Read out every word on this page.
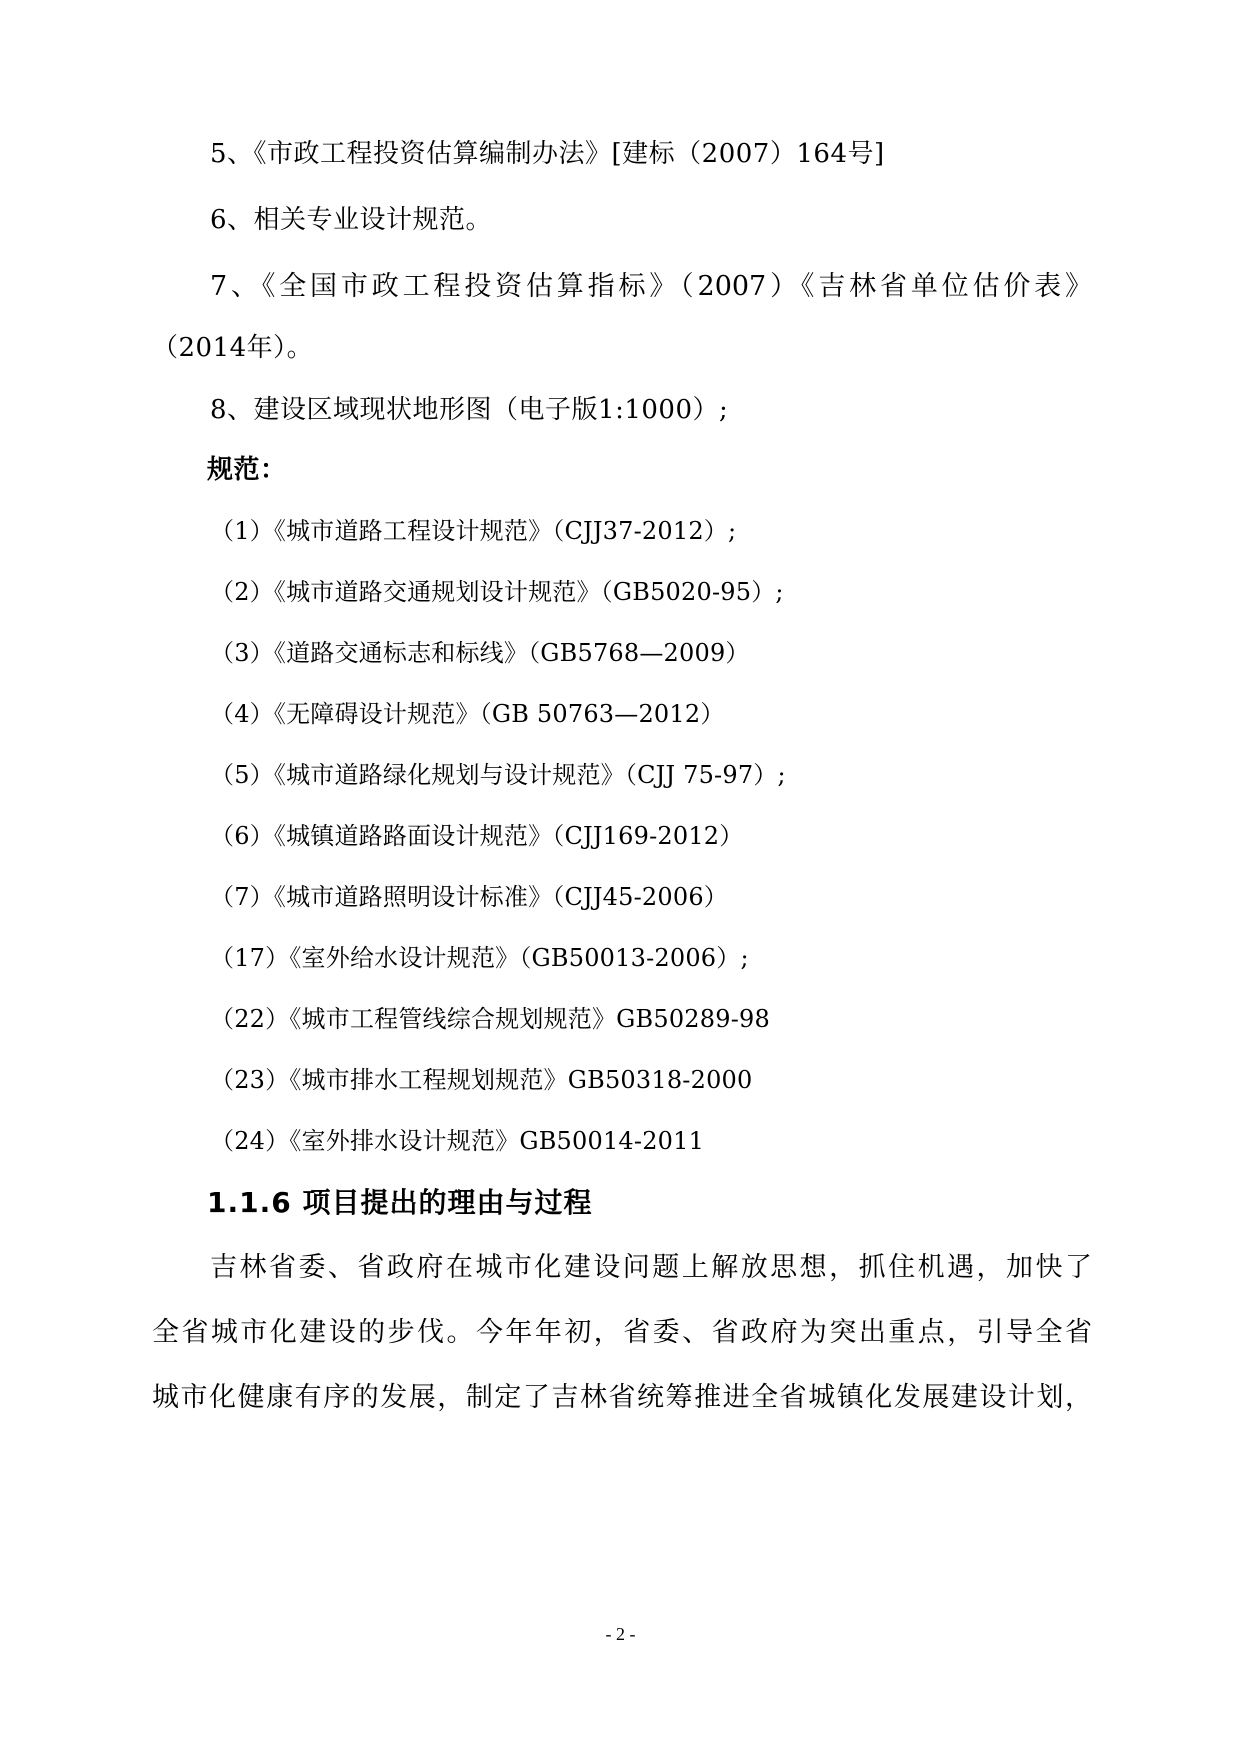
5、《市政工程投资估算编制办法》[建标（2007）164号]
6、相关专业设计规范。
7、《全国市政工程投资估算指标》（2007）《吉林省单位估价表》
（2014年）。
8、建设区域现状地形图（电子版1:1000）;
规范：
（1）《城市道路工程设计规范》（CJJ37-2012）;
（2）《城市道路交通规划设计规范》（GB5020-95）;
（3）《道路交通标志和标线》（GB5768—2009）
（4）《无障碍设计规范》（GB 50763—2012）
（5）《城市道路绿化规划与设计规范》（CJJ 75-97）;
（6）《城镇道路路面设计规范》（CJJ169-2012）
（7）《城市道路照明设计标准》（CJJ45-2006）
（17）《室外给水设计规范》（GB50013-2006）;
（22）《城市工程管线综合规划规范》GB50289-98
（23）《城市排水工程规划规范》GB50318-2000
（24）《室外排水设计规范》GB50014-2011
1.1.6 项目提出的理由与过程
吉林省委、省政府在城市化建设问题上解放思想，抓住机遇，加快了
全省城市化建设的步伐。今年年初，省委、省政府为突出重点，引导全省
城市化健康有序的发展，制定了吉林省统筹推进全省城镇化发展建设计划，
- 2 -
